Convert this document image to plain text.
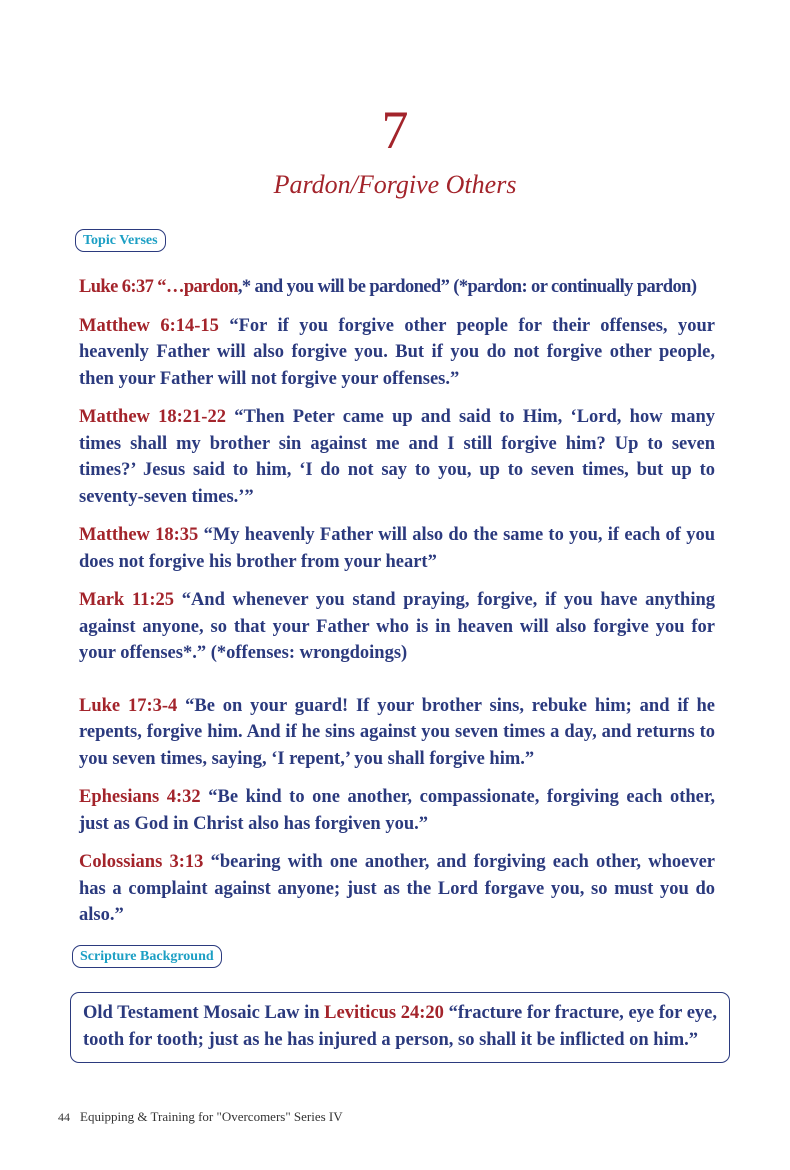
7
Pardon/Forgive Others
Topic Verses

Luke 6:37 “…pardon,* and you will be pardoned” (*pardon: or continually pardon)

Matthew 6:14-15 “For if you forgive other people for their offenses, your heavenly Father will also forgive you. But if you do not forgive other people, then your Father will not forgive your offenses.”

Matthew 18:21-22 “Then Peter came up and said to Him, ‘Lord, how many times shall my brother sin against me and I still forgive him? Up to seven times?’ Jesus said to him, ‘I do not say to you, up to seven times, but up to seventy-seven times.’”

Matthew 18:35 “My heavenly Father will also do the same to you, if each of you does not forgive his brother from your heart”

Mark 11:25 “And whenever you stand praying, forgive, if you have anything against anyone, so that your Father who is in heaven will also forgive you for your offenses*.” (*offenses: wrongdoings)

Luke 17:3-4 “Be on your guard! If your brother sins, rebuke him; and if he repents, forgive him. And if he sins against you seven times a day, and returns to you seven times, saying, ‘I repent,’ you shall forgive him.”

Ephesians 4:32 “Be kind to one another, compassionate, forgiving each other, just as God in Christ also has forgiven you.”

Colossians 3:13 “bearing with one another, and forgiving each other, whoever has a complaint against anyone; just as the Lord forgave you, so must you do also.”

Scripture Background
Old Testament Mosaic Law in Leviticus 24:20 “fracture for fracture, eye for eye, tooth for tooth; just as he has injured a person, so shall it be inflicted on him.”
44 Equipping & Training for "Overcomers" Series IV
